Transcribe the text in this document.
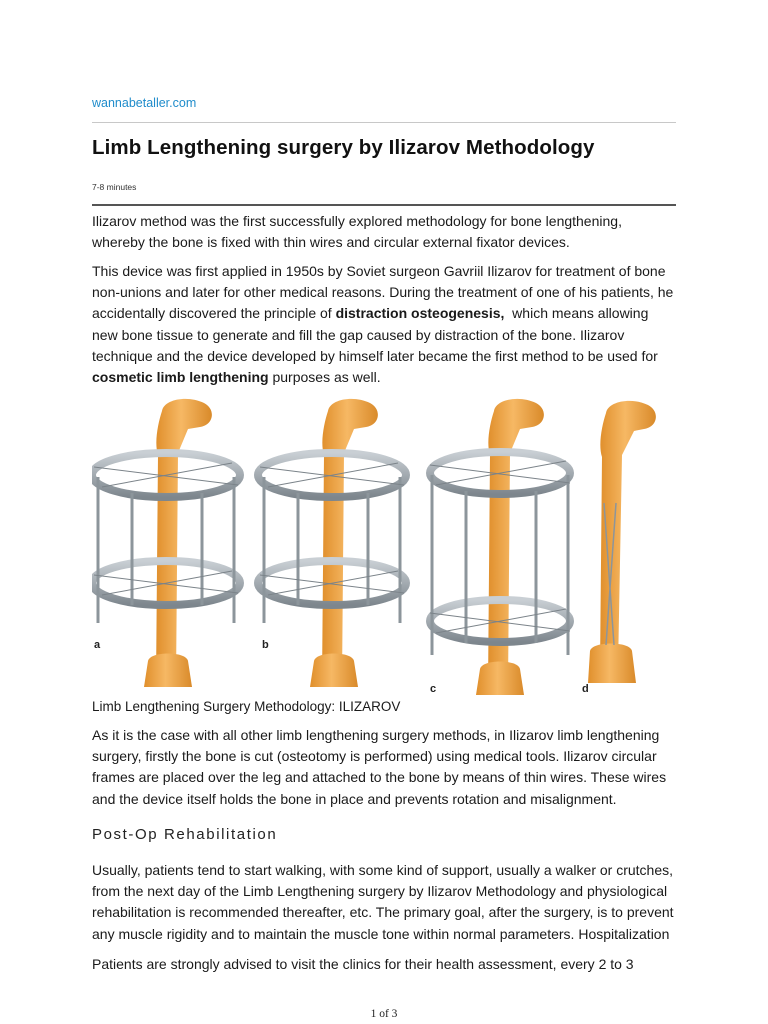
wannabetaller.com
Limb Lengthening surgery by Ilizarov Methodology
7-8 minutes

Ilizarov method was the first successfully explored methodology for bone lengthening, whereby the bone is fixed with thin wires and circular external fixator devices.

This device was first applied in 1950s by Soviet surgeon Gavriil Ilizarov for treatment of bone non-unions and later for other medical reasons. During the treatment of one of his patients, he accidentally discovered the principle of distraction osteogenesis,  which means allowing new bone tissue to generate and fill the gap caused by distraction of the bone. Ilizarov technique and the device developed by himself later became the first method to be used for cosmetic limb lengthening purposes as well.

a	b
c	d
Limb Lengthening Surgery Methodology: ILIZAROV

As it is the case with all other limb lengthening surgery methods, in Ilizarov limb lengthening surgery, firstly the bone is cut (osteotomy is performed) using medical tools. Ilizarov circular frames are placed over the leg and attached to the bone by means of thin wires. These wires and the device itself holds the bone in place and prevents rotation and misalignment.

Post-Op Rehabilitation

Usually, patients tend to start walking, with some kind of support, usually a walker or crutches, from the next day of the Limb Lengthening surgery by Ilizarov Methodology and physiological rehabilitation is recommended thereafter, etc. The primary goal, after the surgery, is to prevent any muscle rigidity and to maintain the muscle tone within normal parameters. Hospitalization

Patients are strongly advised to visit the clinics for their health assessment, every 2 to 3

1 of 3
